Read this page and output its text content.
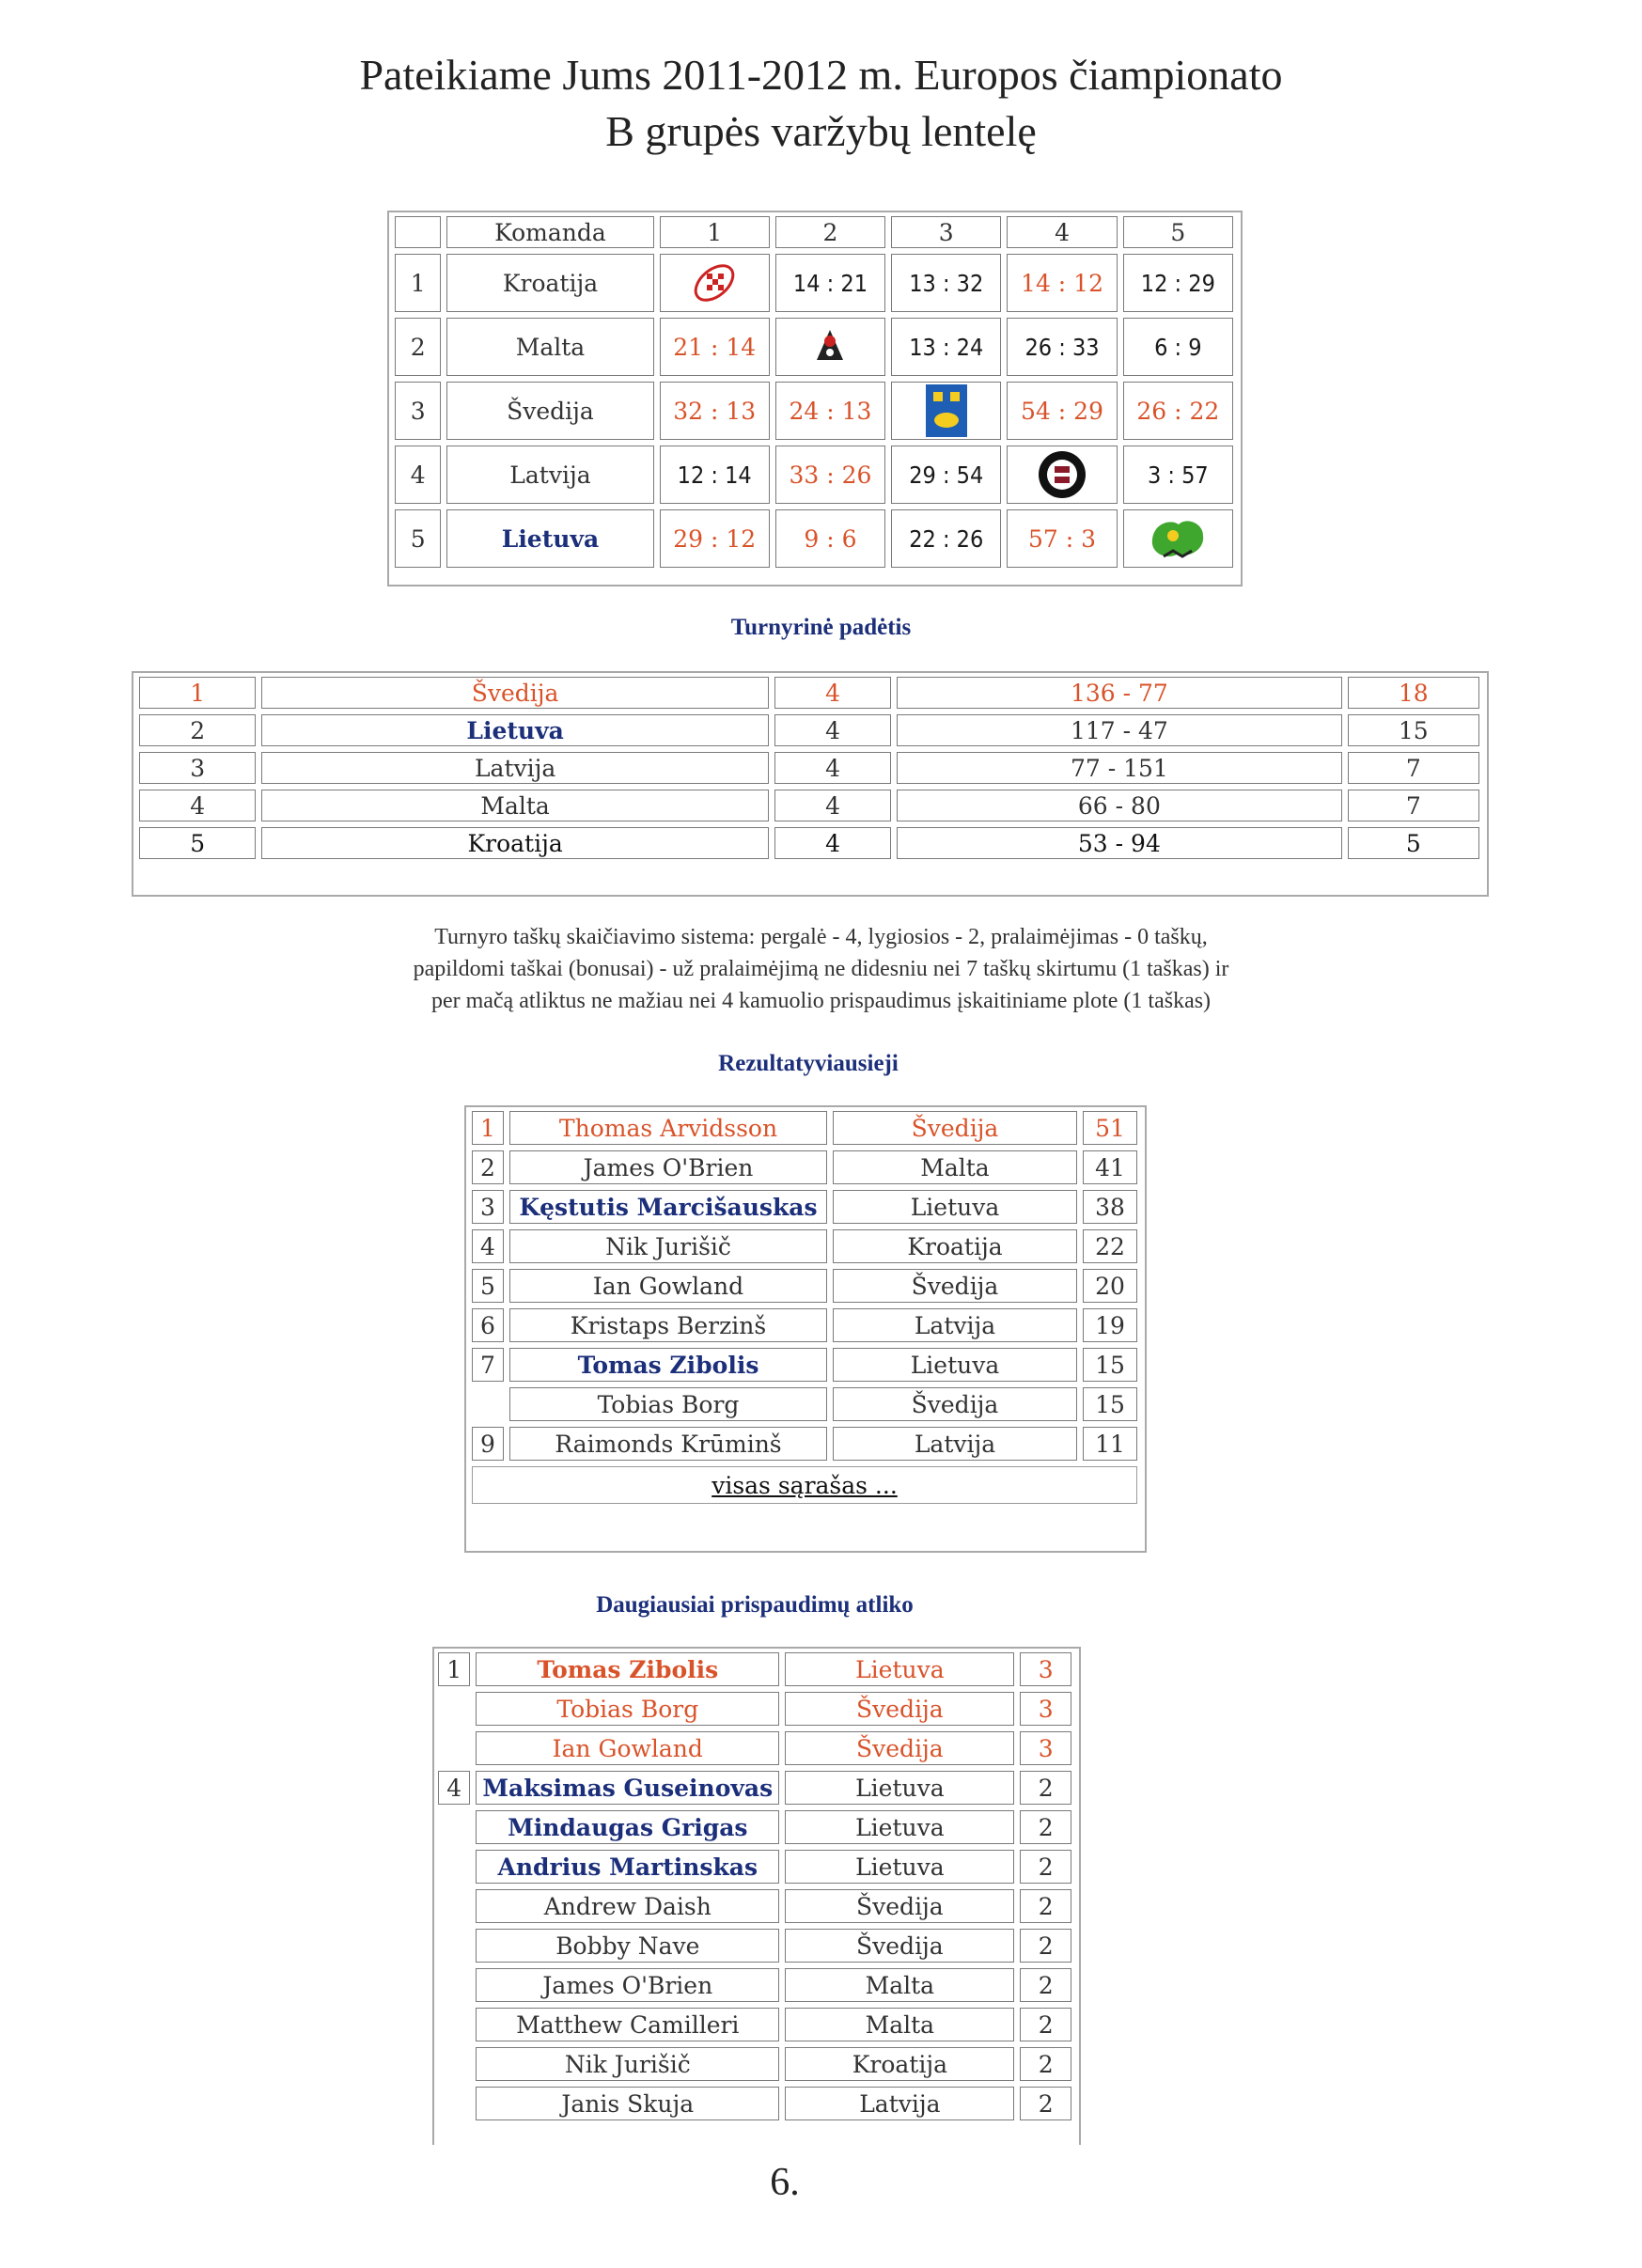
Pateikiame Jums 2011-2012 m. Europos čiampionato
B grupės varžybų lentelę
	Komanda	1	2	3	4	5
1	Kroatija		14 : 21	13 : 32	14 : 12	12 : 29
2	Malta	21 : 14		13 : 24	26 : 33	6 : 9
3	Švedija	32 : 13	24 : 13		54 : 29	26 : 22
4	Latvija	12 : 14	33 : 26	29 : 54		3 : 57
5	Lietuva	29 : 12	9 : 6	22 : 26	57 : 3	
Turnyrinė padėtis
1	Švedija	4	136 - 77	18
2	Lietuva	4	117 - 47	15
3	Latvija	4	77 - 151	7
4	Malta	4	66 - 80	7
5	Kroatija	4	53 - 94	5
Turnyro taškų skaičiavimo sistema: pergalė - 4, lygiosios - 2, pralaimėjimas - 0 taškų,
papildomi taškai (bonusai) - už pralaimėjimą ne didesniu nei 7 taškų skirtumu (1 taškas) ir
per mačą atliktus ne mažiau nei 4 kamuolio prispaudimus įskaitiniame plote (1 taškas)
Rezultatyviausieji
1	Thomas Arvidsson	Švedija	51
2	James O'Brien	Malta	41
3	Kęstutis Marcišauskas	Lietuva	38
4	Nik Jurišič	Kroatija	22
5	Ian Gowland	Švedija	20
6	Kristaps Berzinš	Latvija	19
7	Tomas Zibolis	Lietuva	15
	Tobias Borg	Švedija	15
9	Raimonds Krūminš	Latvija	11
visas sąrašas ...			
Daugiausiai prispaudimų atliko
1	Tomas Zibolis	Lietuva	3
	Tobias Borg	Švedija	3
	Ian Gowland	Švedija	3
4	Maksimas Guseinovas	Lietuva	2
	Mindaugas Grigas	Lietuva	2
	Andrius Martinskas	Lietuva	2
	Andrew Daish	Švedija	2
	Bobby Nave	Švedija	2
	James O'Brien	Malta	2
	Matthew Camilleri	Malta	2
	Nik Jurišič	Kroatija	2
	Janis Skuja	Latvija	2
6.
